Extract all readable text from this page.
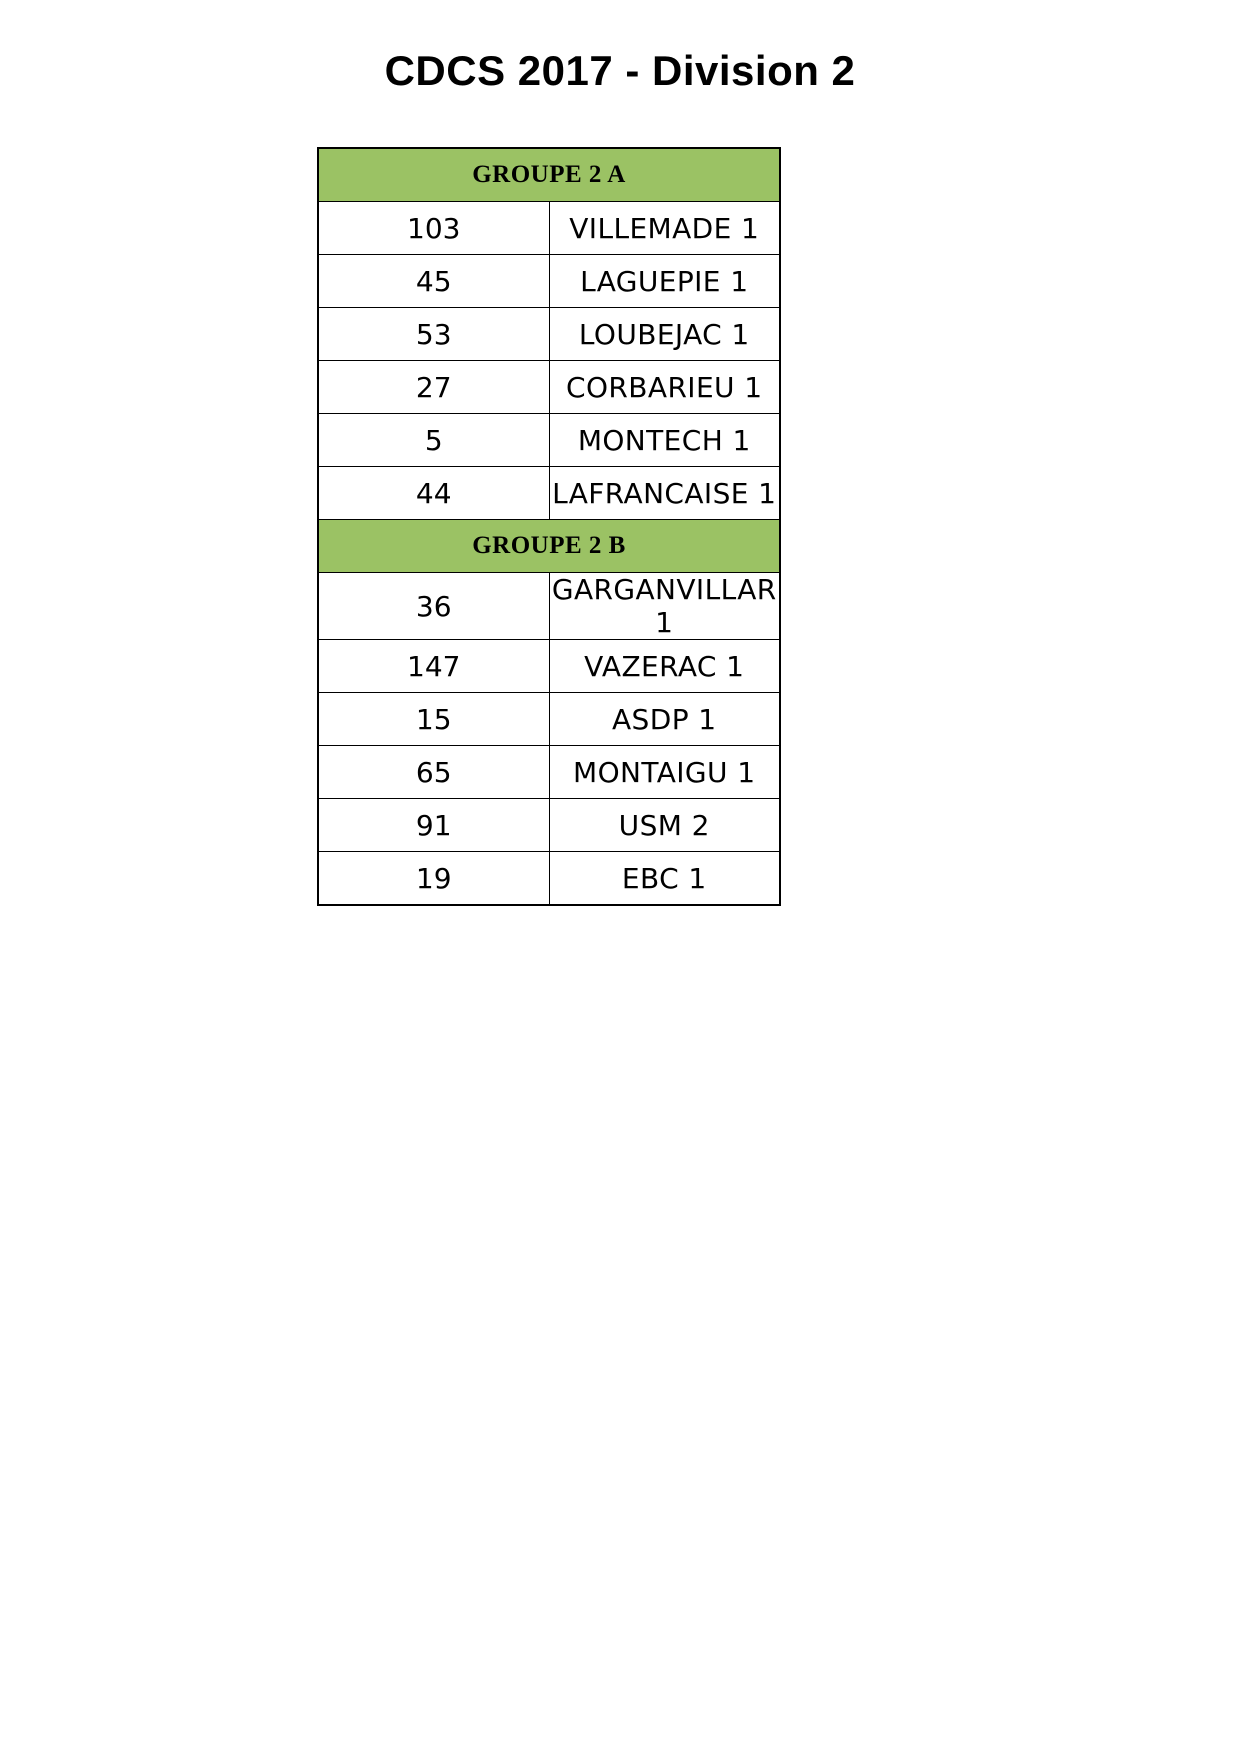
CDCS 2017 - Division 2
GROUPE 2 A	
103	VILLEMADE 1
45	LAGUEPIE 1
53	LOUBEJAC 1
27	CORBARIEU 1
5	MONTECH 1
44	LAFRANCAISE 1
GROUPE 2 B	
36	GARGANVILLAR 1
147	VAZERAC 1
15	ASDP 1
65	MONTAIGU 1
91	USM 2
19	EBC 1
